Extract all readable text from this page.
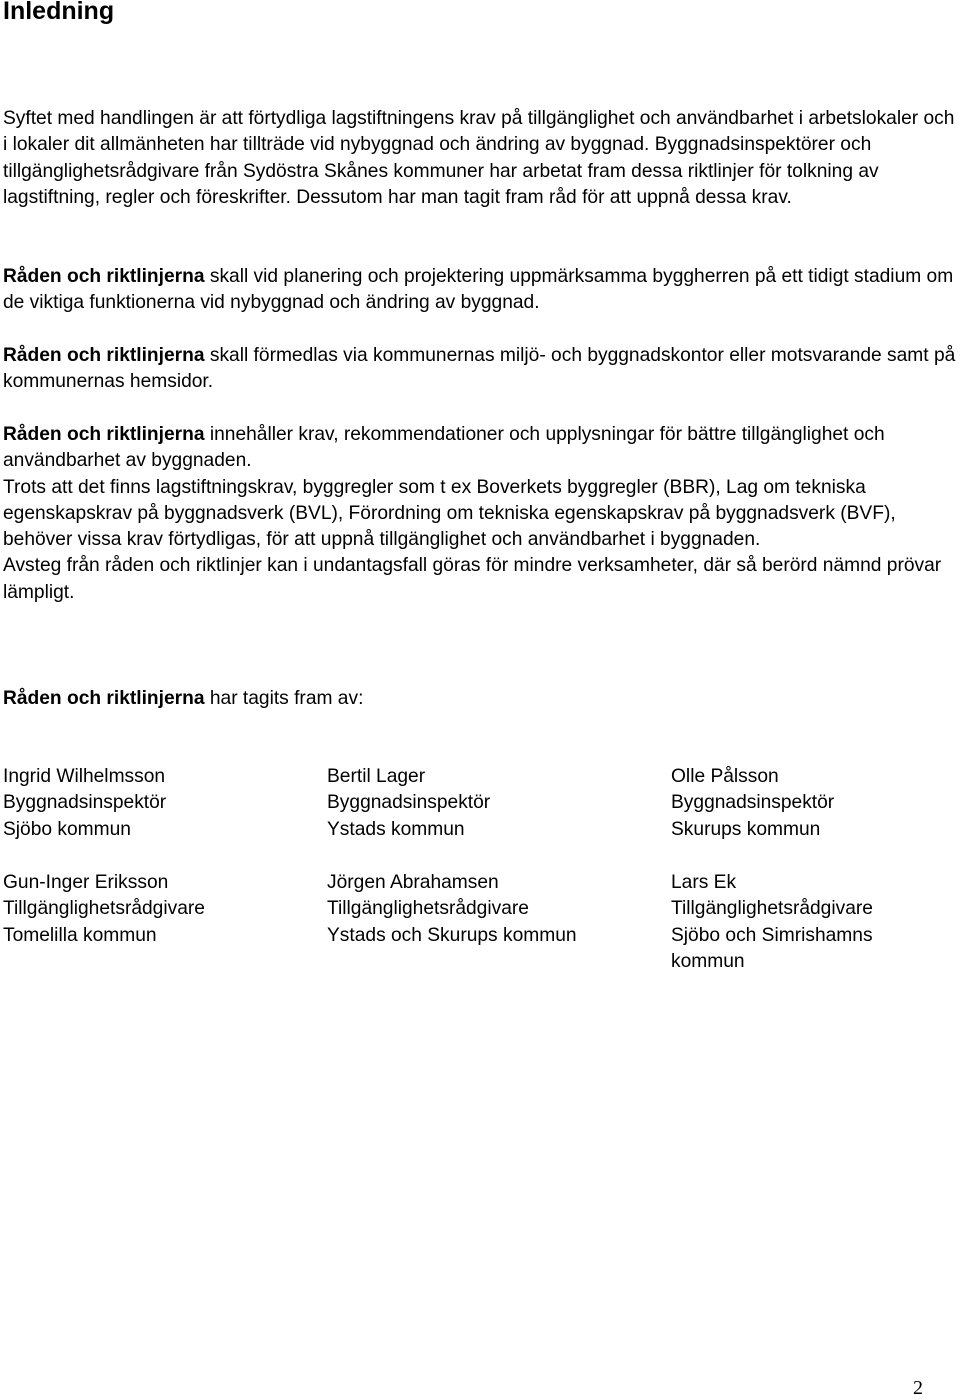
Inledning

Syftet med handlingen är att förtydliga lagstiftningens krav på tillgänglighet och användbarhet i arbetslokaler och i lokaler dit allmänheten har tillträde vid nybyggnad och ändring av byggnad. Byggnadsinspektörer och tillgänglighetsrådgivare från Sydöstra Skånes kommuner har arbetat fram dessa riktlinjer för tolkning av lagstiftning, regler och föreskrifter. Dessutom har man tagit fram råd för att uppnå dessa krav.

Råden och riktlinjerna skall vid planering och projektering uppmärksamma byggherren på ett tidigt stadium om de viktiga funktionerna vid nybyggnad och ändring av byggnad.

Råden och riktlinjerna skall förmedlas via kommunernas miljö- och byggnadskontor eller motsvarande samt på kommunernas hemsidor.

Råden och riktlinjerna innehåller krav, rekommendationer och upplysningar för bättre tillgänglighet och användbarhet av byggnaden.
Trots att det finns lagstiftningskrav, byggregler som t ex Boverkets byggregler (BBR), Lag om tekniska egenskapskrav på byggnadsverk (BVL), Förordning om tekniska egenskapskrav på byggnadsverk (BVF), behöver vissa krav förtydligas, för att uppnå tillgänglighet och användbarhet i byggnaden.
Avsteg från råden och riktlinjer kan i undantagsfall göras för mindre verksamheter, där så berörd nämnd prövar lämpligt.

Råden och riktlinjerna har tagits fram av:

Ingrid Wilhelmsson
Byggnadsinspektör
Sjöbo kommun
Bertil Lager
Byggnadsinspektör
Ystads kommun
Olle Pålsson
Byggnadsinspektör
Skurups kommun
Gun-Inger Eriksson
Tillgänglighetsrådgivare
Tomelilla kommun
Jörgen Abrahamsen
Tillgänglighetsrådgivare
Ystads och Skurups kommun
Lars Ek
Tillgänglighetsrådgivare
Sjöbo och Simrishamns kommun
2
